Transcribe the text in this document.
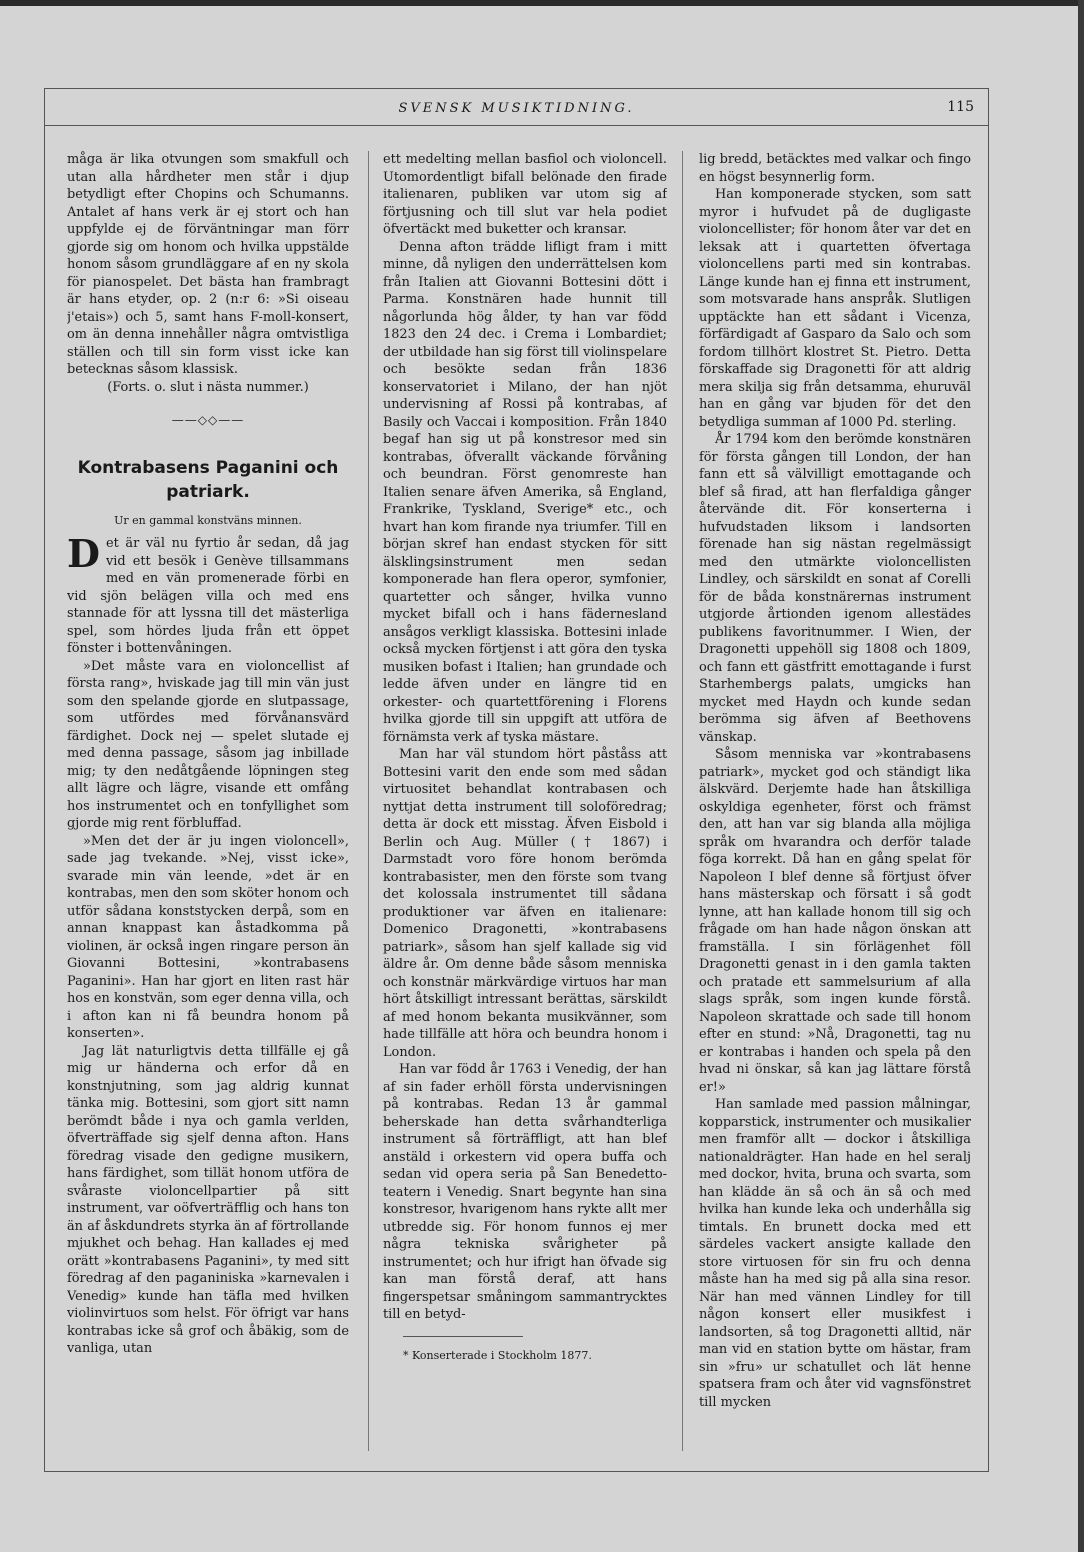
SVENSK MUSIKTIDNING.	115

måga är lika otvungen som smakfull och utan alla hårdheter men står i djup betydligt efter Chopins och Schumanns. Antalet af hans verk är ej stort och han uppfylde ej de förväntningar man förr gjorde sig om honom och hvilka uppstälde honom såsom grundläggare af en ny skola för pianospelet. Det bästa han frambragt är hans etyder, op. 2 (n:r 6: »Si oiseau j'etais») och 5, samt hans F-moll-konsert, om än denna innehåller några omtvistliga ställen och till sin form visst icke kan betecknas såsom klassisk.

(Forts. o. slut i nästa nummer.)

——◇◇——
Kontrabasens Paganini och patriark.
Ur en gammal konstväns minnen.

Det är väl nu fyrtio år sedan, då jag vid ett besök i Genève tillsammans med en vän promenerade förbi en vid sjön belägen villa och med ens stannade för att lyssna till det mästerliga spel, som hördes ljuda från ett öppet fönster i bottenvåningen.

»Det måste vara en violoncellist af första rang», hviskade jag till min vän just som den spelande gjorde en slutpassage, som utfördes med förvånansvärd färdighet. Dock nej — spelet slutade ej med denna passage, såsom jag inbillade mig; ty den nedåtgående löpningen steg allt lägre och lägre, visande ett omfång hos instrumentet och en tonfyllighet som gjorde mig rent förbluffad.

»Men det der är ju ingen violoncell», sade jag tvekande. »Nej, visst icke», svarade min vän leende, »det är en kontrabas, men den som sköter honom och utför sådana konststycken derpå, som en annan knappast kan åstadkomma på violinen, är också ingen ringare person än Giovanni Bottesini, »kontrabasens Paganini». Han har gjort en liten rast här hos en konstvän, som eger denna villa, och i afton kan ni få beundra honom på konserten».

Jag lät naturligtvis detta tillfälle ej gå mig ur händerna och erfor då en konstnjutning, som jag aldrig kunnat tänka mig. Bottesini, som gjort sitt namn berömdt både i nya och gamla verlden, öfverträffade sig sjelf denna afton. Hans föredrag visade den gedigne musikern, hans färdighet, som tillät honom utföra de svåraste violoncellpartier på sitt instrument, var oöfverträfflig och hans ton än af åskdundrets styrka än af förtrollande mjukhet och behag. Han kallades ej med orätt »kontrabasens Paganini», ty med sitt föredrag af den paganiniska »karnevalen i Venedig» kunde han täfla med hvilken violinvirtuos som helst. För öfrigt var hans kontrabas icke så grof och åbäkig, som de vanliga, utan

ett medelting mellan basfiol och violoncell. Utomordentligt bifall belönade den firade italienaren, publiken var utom sig af förtjusning och till slut var hela podiet öfvertäckt med buketter och kransar.

Denna afton trädde lifligt fram i mitt minne, då nyligen den underrättelsen kom från Italien att Giovanni Bottesini dött i Parma. Konstnären hade hunnit till någorlunda hög ålder, ty han var född 1823 den 24 dec. i Crema i Lombardiet; der utbildade han sig först till violinspelare och besökte sedan från 1836 konservatoriet i Milano, der han njöt undervisning af Rossi på kontrabas, af Basily och Vaccai i komposition. Från 1840 begaf han sig ut på konstresor med sin kontrabas, öfverallt väckande förvåning och beundran. Först genomreste han Italien senare äfven Amerika, så England, Frankrike, Tyskland, Sverige* etc., och hvart han kom firande nya triumfer. Till en början skref han endast stycken för sitt älsklingsinstrument men sedan komponerade han flera operor, symfonier, quartetter och sånger, hvilka vunno mycket bifall och i hans fädernesland ansågos verkligt klassiska. Bottesini inlade också mycken förtjenst i att göra den tyska musiken bofast i Italien; han grundade och ledde äfven under en längre tid en orkester- och quartettförening i Florens hvilka gjorde till sin uppgift att utföra de förnämsta verk af tyska mästare.

Man har väl stundom hört påståss att Bottesini varit den ende som med sådan virtuositet behandlat kontrabasen och nyttjat detta instrument till soloföredrag; detta är dock ett misstag. Äfven Eisbold i Berlin och Aug. Müller († 1867) i Darmstadt voro före honom berömda kontrabasister, men den förste som tvang det kolossala instrumentet till sådana produktioner var äfven en italienare: Domenico Dragonetti, »kontrabasens patriark», såsom han sjelf kallade sig vid äldre år. Om denne både såsom menniska och konstnär märkvärdige virtuos har man hört åtskilligt intressant berättas, särskildt af med honom bekanta musikvänner, som hade tillfälle att höra och beundra honom i London.

Han var född år 1763 i Venedig, der han af sin fader erhöll första undervisningen på kontrabas. Redan 13 år gammal beherskade han detta svårhandterliga instrument så förträffligt, att han blef anstäld i orkestern vid opera buffa och sedan vid opera seria på San Benedetto-teatern i Venedig. Snart begynte han sina konstresor, hvarigenom hans rykte allt mer utbredde sig. För honom funnos ej mer några tekniska svårigheter på instrumentet; och hur ifrigt han öfvade sig kan man förstå deraf, att hans fingerspetsar småningom sammantrycktes till en betyd-

* Konserterade i Stockholm 1877.

lig bredd, betäcktes med valkar och fingo en högst besynnerlig form.

Han komponerade stycken, som satt myror i hufvudet på de dugligaste violoncellister; för honom åter var det en leksak att i quartetten öfvertaga violoncellens parti med sin kontrabas. Länge kunde han ej finna ett instrument, som motsvarade hans anspråk. Slutligen upptäckte han ett sådant i Vicenza, förfärdigadt af Gasparo da Salo och som fordom tillhört klostret St. Pietro. Detta förskaffade sig Dragonetti för att aldrig mera skilja sig från detsamma, ehuruväl han en gång var bjuden för det den betydliga summan af 1000 Pd. sterling.

År 1794 kom den berömde konstnären för första gången till London, der han fann ett så välvilligt emottagande och blef så firad, att han flerfaldiga gånger återvände dit. För konserterna i hufvudstaden liksom i landsorten förenade han sig nästan regelmässigt med den utmärkte violoncellisten Lindley, och särskildt en sonat af Corelli för de båda konstnärernas instrument utgjorde årtionden igenom allestädes publikens favoritnummer. I Wien, der Dragonetti uppehöll sig 1808 och 1809, och fann ett gästfritt emottagande i furst Starhembergs palats, umgicks han mycket med Haydn och kunde sedan berömma sig äfven af Beethovens vänskap.

Såsom menniska var »kontrabasens patriark», mycket god och ständigt lika älskvärd. Derjemte hade han åtskilliga oskyldiga egenheter, först och främst den, att han var sig blanda alla möjliga språk om hvarandra och derför talade föga korrekt. Då han en gång spelat för Napoleon I blef denne så förtjust öfver hans mästerskap och försatt i så godt lynne, att han kallade honom till sig och frågade om han hade någon önskan att framställa. I sin förlägenhet föll Dragonetti genast in i den gamla takten och pratade ett sammelsurium af alla slags språk, som ingen kunde förstå. Napoleon skrattade och sade till honom efter en stund: »Nå, Dragonetti, tag nu er kontrabas i handen och spela på den hvad ni önskar, så kan jag lättare förstå er!»

Han samlade med passion målningar, kopparstick, instrumenter och musikalier men framför allt — dockor i åtskilliga nationaldrägter. Han hade en hel seralj med dockor, hvita, bruna och svarta, som han klädde än så och än så och med hvilka han kunde leka och underhålla sig timtals. En brunett docka med ett särdeles vackert ansigte kallade den store virtuosen för sin fru och denna måste han ha med sig på alla sina resor. När han med vännen Lindley for till någon konsert eller musikfest i landsorten, så tog Dragonetti alltid, när man vid en station bytte om hästar, fram sin »fru» ur schatullet och lät henne spatsera fram och åter vid vagnsfönstret till mycken
